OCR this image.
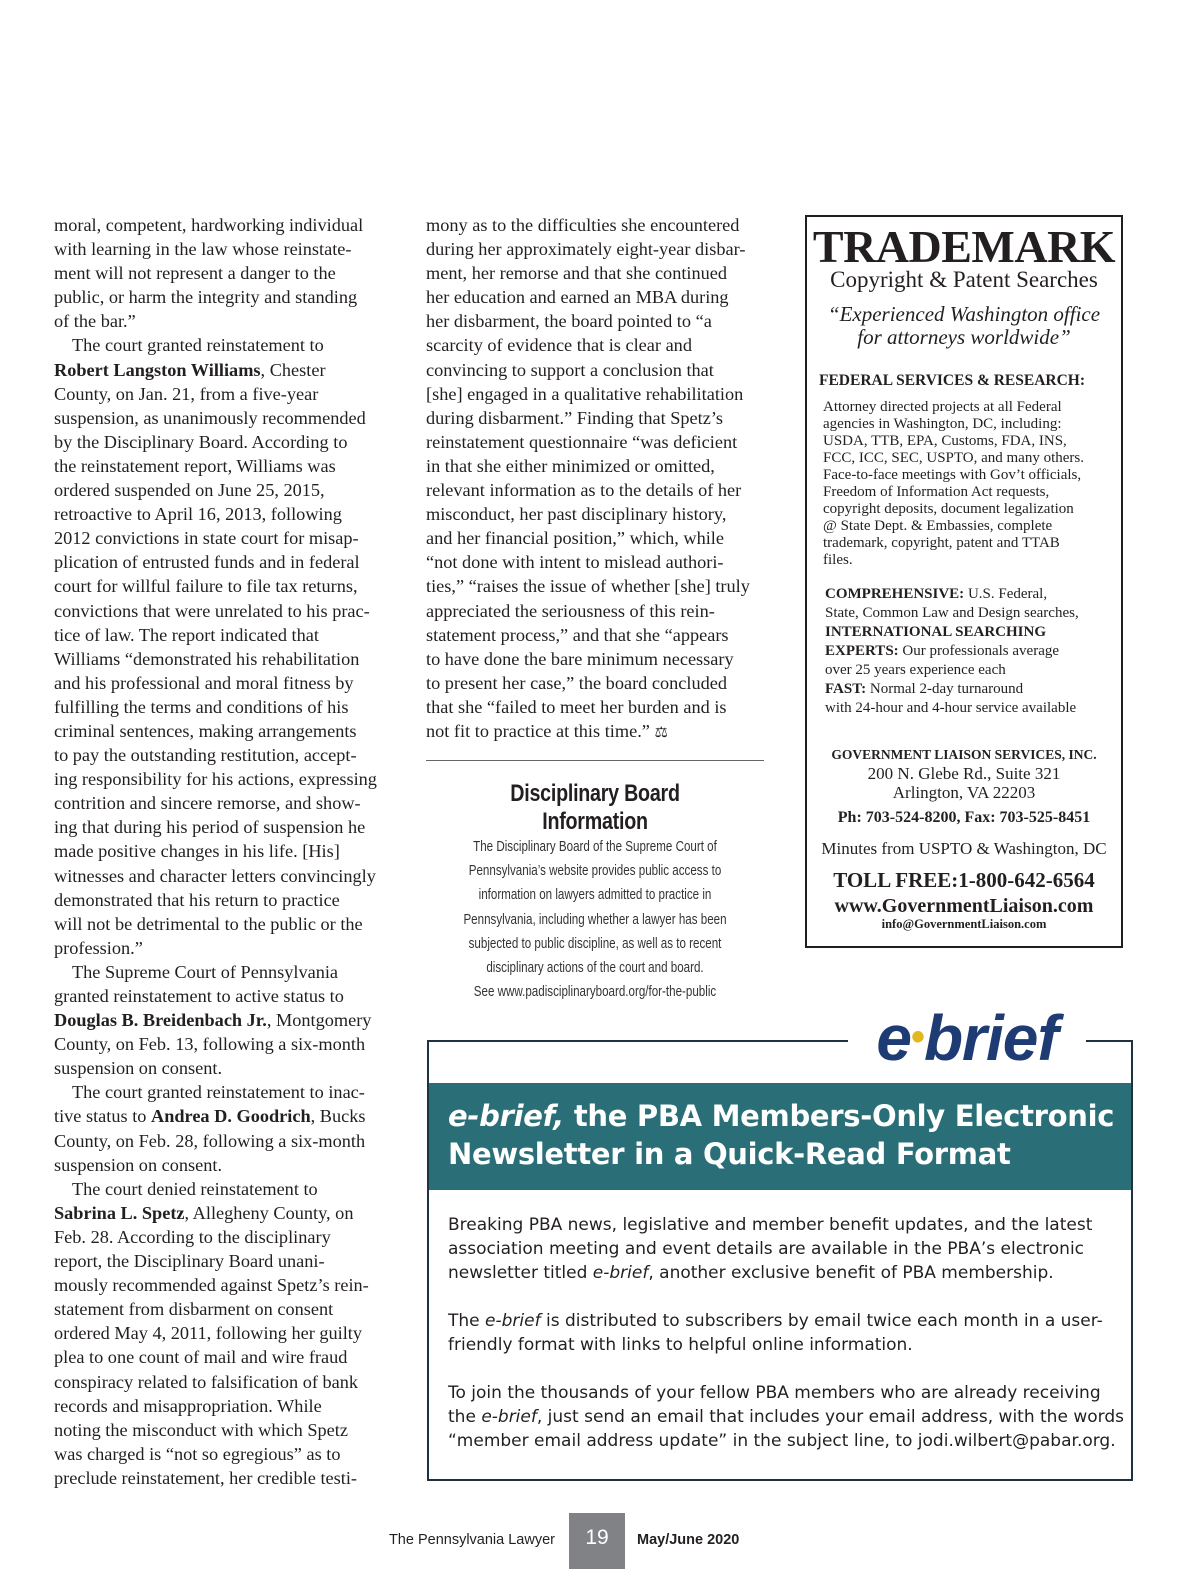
moral, competent, hardworking individual
with learning in the law whose reinstate-
ment will not represent a danger to the
public, or harm the integrity and standing
of the bar.”

The court granted reinstatement to
Robert Langston Williams, Chester
County, on Jan. 21, from a five-year
suspension, as unanimously recommended
by the Disciplinary Board. According to
the reinstatement report, Williams was
ordered suspended on June 25, 2015,
retroactive to April 16, 2013, following
2012 convictions in state court for misap-
plication of entrusted funds and in federal
court for willful failure to file tax returns,
convictions that were unrelated to his prac-
tice of law. The report indicated that
Williams “demonstrated his rehabilitation
and his professional and moral fitness by
fulfilling the terms and conditions of his
criminal sentences, making arrangements
to pay the outstanding restitution, accept-
ing responsibility for his actions, expressing
contrition and sincere remorse, and show-
ing that during his period of suspension he
made positive changes in his life. [His]
witnesses and character letters convincingly
demonstrated that his return to practice
will not be detrimental to the public or the
profession.”

The Supreme Court of Pennsylvania
granted reinstatement to active status to
Douglas B. Breidenbach Jr., Montgomery
County, on Feb. 13, following a six-month
suspension on consent.

The court granted reinstatement to inac-
tive status to Andrea D. Goodrich, Bucks
County, on Feb. 28, following a six-month
suspension on consent.

The court denied reinstatement to
Sabrina L. Spetz, Allegheny County, on
Feb. 28. According to the disciplinary
report, the Disciplinary Board unani-
mously recommended against Spetz’s rein-
statement from disbarment on consent
ordered May 4, 2011, following her guilty
plea to one count of mail and wire fraud
conspiracy related to falsification of bank
records and misappropriation. While
noting the misconduct with which Spetz
was charged is “not so egregious” as to
preclude reinstatement, her credible testi-

mony as to the difficulties she encountered
during her approximately eight-year disbar-
ment, her remorse and that she continued
her education and earned an MBA during
her disbarment, the board pointed to “a
scarcity of evidence that is clear and
convincing to support a conclusion that
[she] engaged in a qualitative rehabilitation
during disbarment.” Finding that Spetz’s
reinstatement questionnaire “was deficient
in that she either minimized or omitted,
relevant information as to the details of her
misconduct, her past disciplinary history,
and her financial position,” which, while
“not done with intent to mislead authori-
ties,” “raises the issue of whether [she] truly
appreciated the seriousness of this rein-
statement process,” and that she “appears
to have done the bare minimum necessary
to present her case,” the board concluded
that she “failed to meet her burden and is
not fit to practice at this time.” ⚖

Disciplinary Board Information
The Disciplinary Board of the Supreme Court of
Pennsylvania’s website provides public access to
information on lawyers admitted to practice in
Pennsylvania, including whether a lawyer has been
subjected to public discipline, as well as to recent
disciplinary actions of the court and board.
See www.padisciplinaryboard.org/for-the-public
TRADEMARK
Copyright & Patent Searches
“Experienced Washington office
for attorneys worldwide”
FEDERAL SERVICES & RESEARCH:
Attorney directed projects at all Federal
agencies in Washington, DC, including:
USDA, TTB, EPA, Customs, FDA, INS,
FCC, ICC, SEC, USPTO, and many others.
Face-to-face meetings with Gov’t officials,
Freedom of Information Act requests,
copyright deposits, document legalization
@ State Dept. & Embassies, complete
trademark, copyright, patent and TTAB
files.
COMPREHENSIVE: U.S. Federal,
State, Common Law and Design searches,
INTERNATIONAL SEARCHING
EXPERTS: Our professionals average
over 25 years experience each
FAST: Normal 2-day turnaround
with 24-hour and 4-hour service available
GOVERNMENT LIAISON SERVICES, INC.
200 N. Glebe Rd., Suite 321
Arlington, VA 22203
Ph: 703-524-8200, Fax: 703-525-8451
Minutes from USPTO & Washington, DC
TOLL FREE:1-800-642-6564
www.GovernmentLiaison.com
info@GovernmentLiaison.com
e•brief
e-brief, the PBA Members-Only Electronic
Newsletter in a Quick-Read Format

Breaking PBA news, legislative and member benefit updates, and the latest
association meeting and event details are available in the PBA’s electronic
newsletter titled e-brief, another exclusive benefit of PBA membership.

The e-brief is distributed to subscribers by email twice each month in a user-
friendly format with links to helpful online information.

To join the thousands of your fellow PBA members who are already receiving
the e-brief, just send an email that includes your email address, with the words
“member email address update” in the subject line, to jodi.wilbert@pabar.org.

The Pennsylvania Lawyer	19	May/June 2020
